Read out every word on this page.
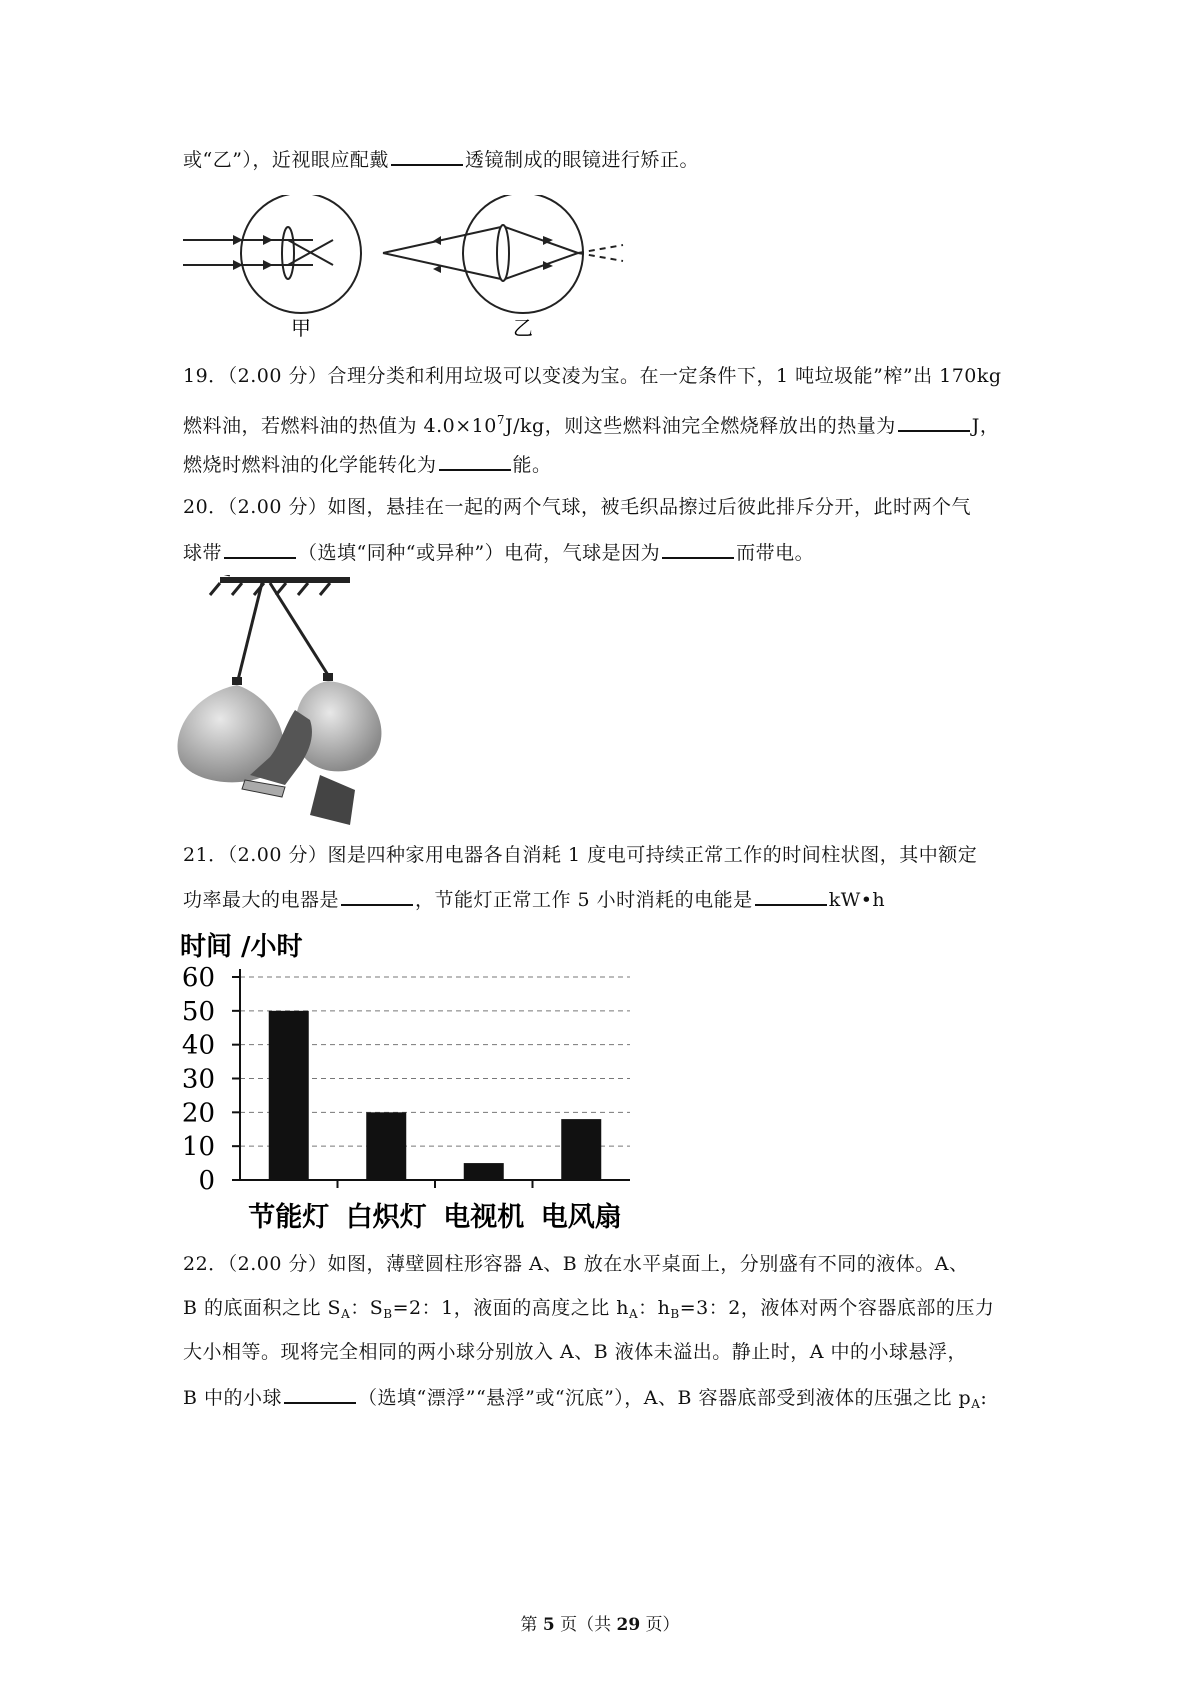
或“乙”），近视眼应配戴	透镜制成的眼镜进行矫正。
甲	乙
19．（2.00 分）合理分类和利用垃圾可以变凌为宝。在一定条件下，1 吨垃圾能”榨”出 170kg
燃料油，若燃料油的热值为 $4.0\times 10^7J/kg$，则这些燃料油完全燃烧释放出的热量为	J，
燃烧时燃料油的化学能转化为	能。
20．（2.00 分）如图，悬挂在一起的两个气球，被毛织品擦过后彼此排斥分开，此时两个气
球带	（选填“同种“或异种”）电荷，气球是因为	而带电。
21．（2.00 分）图是四种家用电器各自消耗 1 度电可持续正常工作的时间柱状图，其中额定
功率最大的电器是	，节能灯正常工作 5 小时消耗的电能是	kW•h
时间 /小时
0
10
20
30
40
50
60
节能灯 白炽灯 电视机 电风扇
22．（2.00 分）如图，薄壁圆柱形容器 A、B 放在水平桌面上，分别盛有不同的液体。A、
B 的底面积之比 $S_A$：$S_B=2$：1，液面的高度之比 $h_A$：$h_B=3$：2，液体对两个容器底部的压力
大小相等。现将完全相同的两小球分别放入 A、B 液体未溢出。静止时，A 中的小球悬浮，
B 中的小球	（选填“漂浮”“悬浮”或“沉底”），A、B 容器底部受到液体的压强之比 $p_A$:
第 5 页（共 29 页）
